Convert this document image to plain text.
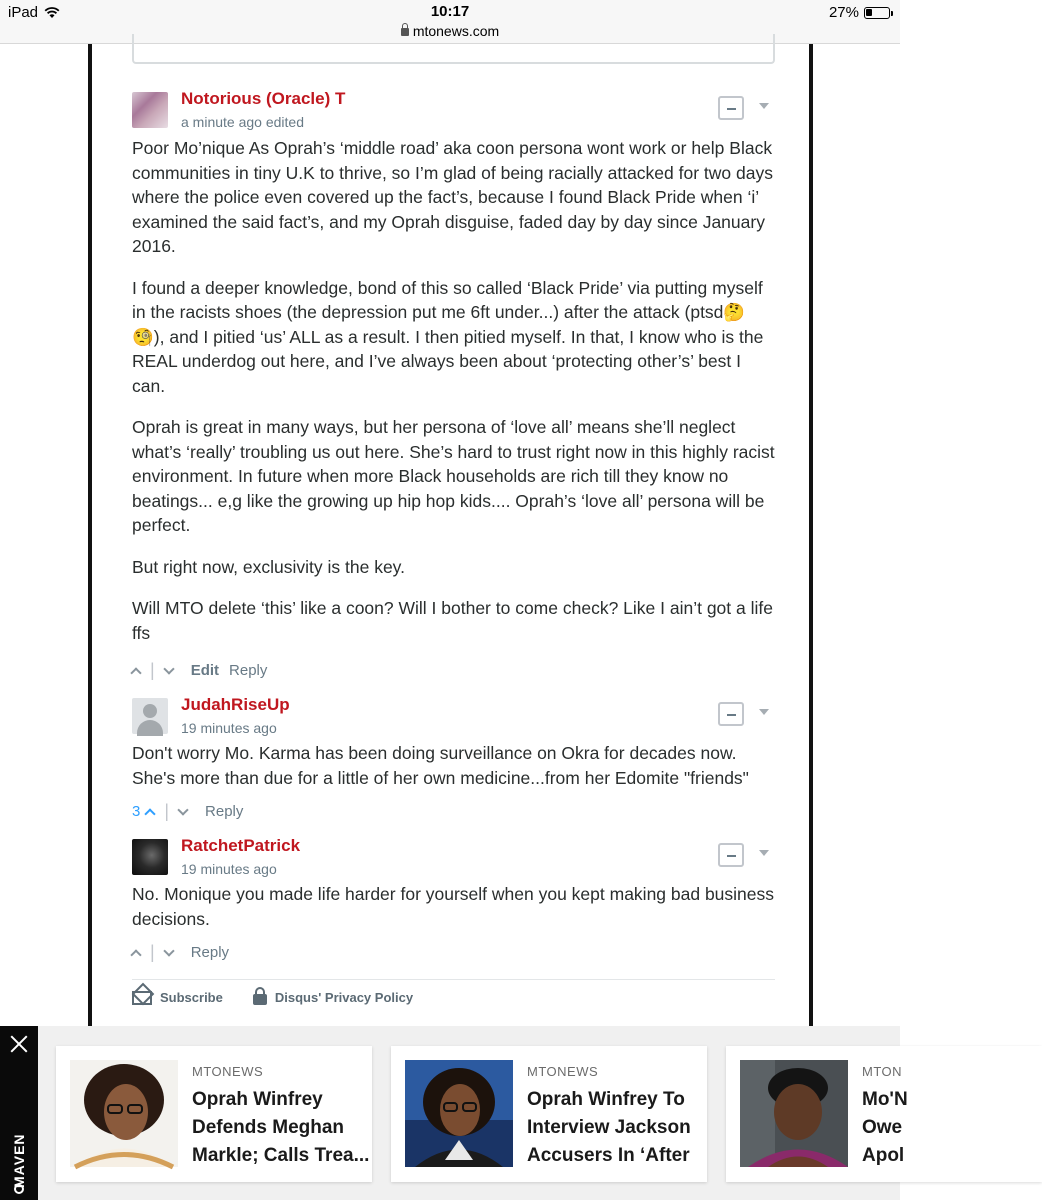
iPad	10:17
mtonews.com
27%
Notorious (Oracle) T
a minute ago edited

Poor Mo’nique As Oprah’s ‘middle road’ aka coon persona wont work or help Black communities in tiny U.K to thrive, so I’m glad of being racially attacked for two days where the police even covered up the fact’s, because I found Black Pride when ‘i’ examined the said fact’s, and my Oprah disguise, faded day by day since January 2016.

I found a deeper knowledge, bond of this so called ‘Black Pride’ via putting myself in the racists shoes (the depression put me 6ft under...) after the attack (ptsd🤔🧐), and I pitied ‘us’ ALL as a result. I then pitied myself. In that, I know who is the REAL underdog out here, and I’ve always been about ‘protecting other’s’ best I can.

Oprah is great in many ways, but her persona of ‘love all’ means she’ll neglect what’s ‘really’ troubling us out here. She’s hard to trust right now in this highly racist environment. In future when more Black households are rich till they know no beatings... e,g like the growing up hip hop kids.... Oprah’s ‘love all’ persona will be perfect.

But right now, exclusivity is the key.

Will MTO delete ‘this’ like a coon? Will I bother to come check? Like I ain’t got a life ffs

| Edit Reply
JudahRiseUp
19 minutes ago

Don't worry Mo. Karma has been doing surveillance on Okra for decades now. She's more than due for a little of her own medicine...from her Edomite "friends"

3 | Reply
RatchetPatrick
19 minutes ago

No. Monique you made life harder for yourself when you kept making bad business decisions.

| Reply
Subscribe	Disqus' Privacy Policy
MAVEN
MTONEWS
Oprah Winfrey
Defends Meghan
Markle; Calls Trea...
MTONEWS
Oprah Winfrey To
Interview Jackson
Accusers In ‘After
MTON
Mo'N
Owe
Apol
